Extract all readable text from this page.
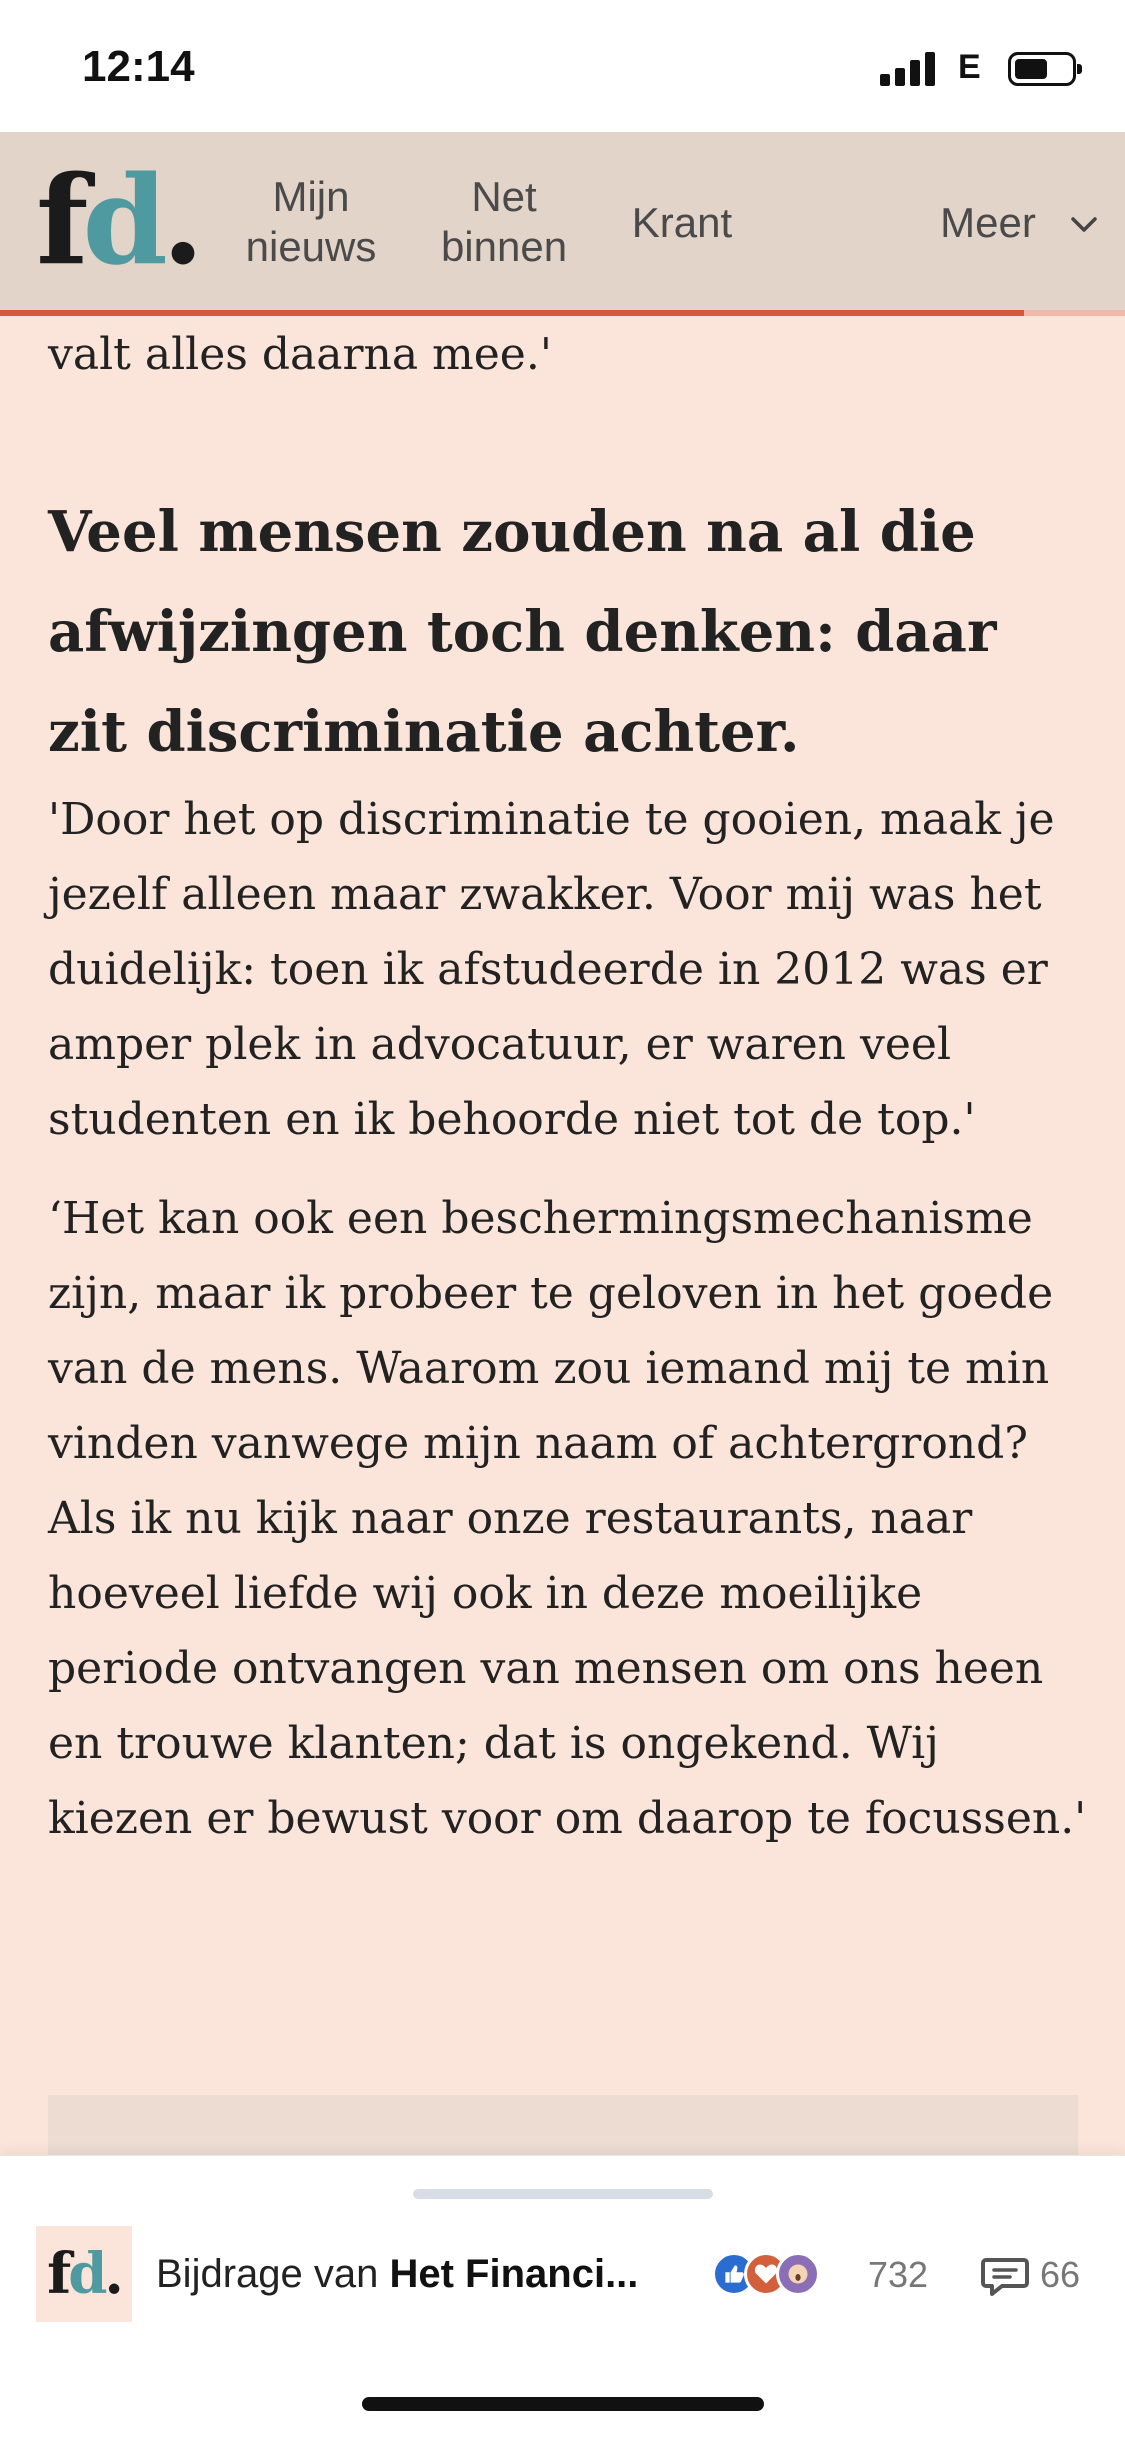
12:14	E
fd.	Mijn
nieuws
Net
binnen
Krant	Meer

valt alles daarna mee.'

Veel mensen zouden na al die afwijzingen toch denken: daar zit discriminatie achter.

'Door het op discriminatie te gooien, maak je jezelf alleen maar zwakker. Voor mij was het duidelijk: toen ik afstudeerde in 2012 was er amper plek in advocatuur, er waren veel studenten en ik behoorde niet tot de top.'

‘Het kan ook een beschermingsmechanisme zijn, maar ik probeer te geloven in het goede van de mens. Waarom zou iemand mij te min vinden vanwege mijn naam of achtergrond? Als ik nu kijk naar onze restaurants, naar hoeveel liefde wij ook in deze moeilijke periode ontvangen van mensen om ons heen en trouwe klanten; dat is ongekend. Wij kiezen er bewust voor om daarop te focussen.'

fd. Bijdrage van Het Financi...	732	66
